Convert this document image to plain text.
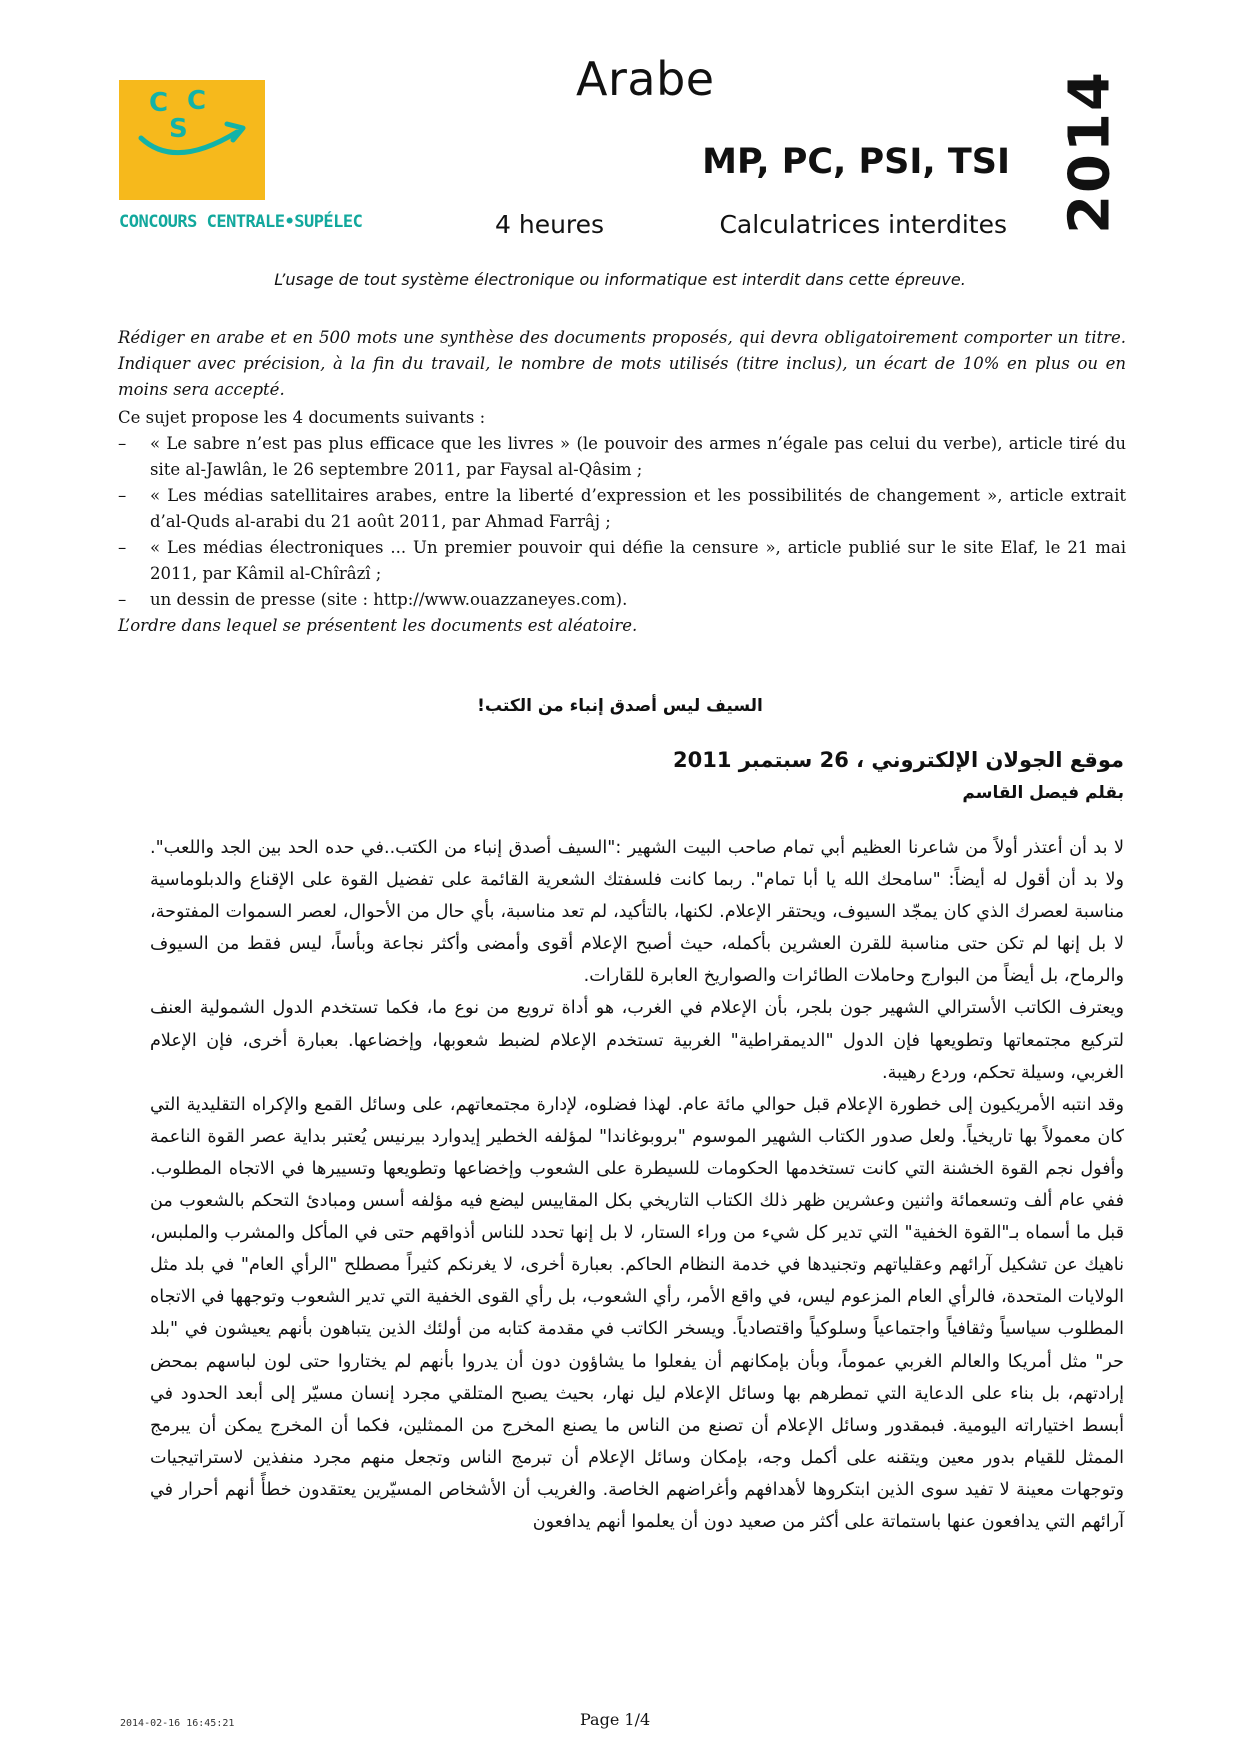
C C
S
CONCOURS CENTRALE•SUPÉLEC
Arabe
MP, PC, PSI, TSI
4 heures	Calculatrices interdites 2014
L’usage de tout système électronique ou informatique est interdit dans cette épreuve.

Rédiger en arabe et en 500 mots une synthèse des documents proposés, qui devra obligatoirement comporter un titre. Indiquer avec précision, à la fin du travail, le nombre de mots utilisés (titre inclus), un écart de 10% en plus ou en moins sera accepté.

Ce sujet propose les 4 documents suivants :

– « Le sabre n’est pas plus efficace que les livres » (le pouvoir des armes n’égale pas celui du verbe), article tiré du site al-Jawlân, le 26 septembre 2011, par Faysal al-Qâsim ;
– « Les médias satellitaires arabes, entre la liberté d’expression et les possibilités de changement », article extrait d’al-Quds al-arabi du 21 août 2011, par Ahmad Farrâj ;
– « Les médias électroniques ... Un premier pouvoir qui défie la censure », article publié sur le site Elaf, le 21 mai 2011, par Kâmil al-Chîrâzî ;
– un dessin de presse (site : http://www.ouazzaneyes.com).

L’ordre dans lequel se présentent les documents est aléatoire.

السيف ليس أصدق إنباء من الكتب!
موقع الجولان الإلكتروني ، 26 سبتمبر 2011
بقلم فيصل القاسم

لا بد أن أعتذر أولاً من شاعرنا العظيم أبي تمام صاحب البيت الشهير :"السيف أصدق إنباء من الكتب..في حده الحد بين الجد واللعب". ولا بد أن أقول له أيضاً: "سامحك الله يا أبا تمام". ربما كانت فلسفتك الشعرية القائمة على تفضيل القوة على الإقناع والدبلوماسية مناسبة لعصرك الذي كان يمجّد السيوف، ويحتقر الإعلام. لكنها، بالتأكيد، لم تعد مناسبة، بأي حال من الأحوال، لعصر السموات المفتوحة، لا بل إنها لم تكن حتى مناسبة للقرن العشرين بأكمله، حيث أصبح الإعلام أقوى وأمضى وأكثر نجاعة وبأساً، ليس فقط من السيوف والرماح، بل أيضاً من البوارج وحاملات الطائرات والصواريخ العابرة للقارات.

ويعترف الكاتب الأسترالي الشهير جون بلجر، بأن الإعلام في الغرب، هو أداة ترويع من نوع ما، فكما تستخدم الدول الشمولية العنف لتركيع مجتمعاتها وتطويعها فإن الدول "الديمقراطية" الغربية تستخدم الإعلام لضبط شعوبها، وإخضاعها. بعبارة أخرى، فإن الإعلام الغربي، وسيلة تحكم، وردع رهيبة.

وقد انتبه الأمريكيون إلى خطورة الإعلام قبل حوالي مائة عام. لهذا فضلوه، لإدارة مجتمعاتهم، على وسائل القمع والإكراه التقليدية التي كان معمولاً بها تاريخياً. ولعل صدور الكتاب الشهير الموسوم "بروبوغاندا" لمؤلفه الخطير إيدوارد بيرنيس يُعتبر بداية عصر القوة الناعمة وأفول نجم القوة الخشنة التي كانت تستخدمها الحكومات للسيطرة على الشعوب وإخضاعها وتطويعها وتسييرها في الاتجاه المطلوب. ففي عام ألف وتسعمائة واثنين وعشرين ظهر ذلك الكتاب التاريخي بكل المقاييس ليضع فيه مؤلفه أسس ومبادئ التحكم بالشعوب من قبل ما أسماه بـ"القوة الخفية" التي تدير كل شيء من وراء الستار، لا بل إنها تحدد للناس أذواقهم حتى في المأكل والمشرب والملبس، ناهيك عن تشكيل آرائهم وعقلياتهم وتجنيدها في خدمة النظام الحاكم. بعبارة أخرى، لا يغرنكم كثيراً مصطلح "الرأي العام" في بلد مثل الولايات المتحدة، فالرأي العام المزعوم ليس، في واقع الأمر، رأي الشعوب، بل رأي القوى الخفية التي تدير الشعوب وتوجهها في الاتجاه المطلوب سياسياً وثقافياً واجتماعياً وسلوكياً واقتصادياً. ويسخر الكاتب في مقدمة كتابه من أولئك الذين يتباهون بأنهم يعيشون في "بلد حر" مثل أمريكا والعالم الغربي عموماً، وبأن بإمكانهم أن يفعلوا ما يشاؤون دون أن يدروا بأنهم لم يختاروا حتى لون لباسهم بمحض إرادتهم، بل بناء على الدعاية التي تمطرهم بها وسائل الإعلام ليل نهار، بحيث يصبح المتلقي مجرد إنسان مسيّر إلى أبعد الحدود في أبسط اختياراته اليومية. فبمقدور وسائل الإعلام أن تصنع من الناس ما يصنع المخرج من الممثلين، فكما أن المخرج يمكن أن يبرمج الممثل للقيام بدور معين ويتقنه على أكمل وجه، بإمكان وسائل الإعلام أن تبرمج الناس وتجعل منهم مجرد منفذين لاستراتيجيات وتوجهات معينة لا تفيد سوى الذين ابتكروها لأهدافهم وأغراضهم الخاصة. والغريب أن الأشخاص المسيّرين يعتقدون خطأً أنهم أحرار في آرائهم التي يدافعون عنها باستماتة على أكثر من صعيد دون أن يعلموا أنهم يدافعون

2014-02-16 16:45:21	Page 1/4
